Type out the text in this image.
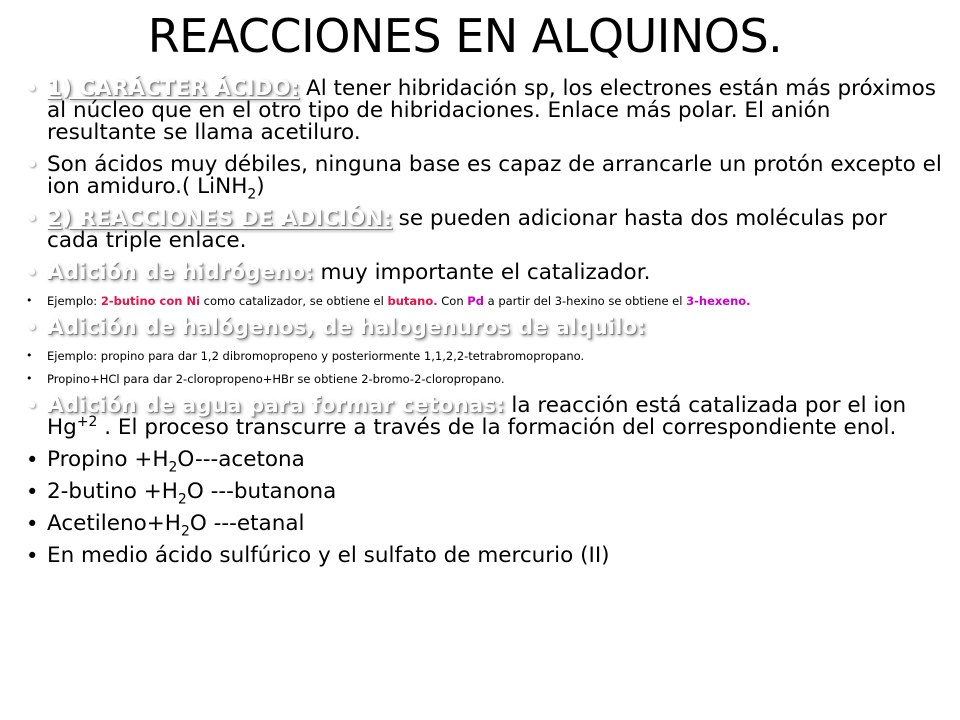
REACCIONES EN ALQUINOS.
• 1) CARÁCTER ÁCIDO: Al tener hibridación sp, los electrones están más próximos al núcleo que en el otro tipo de hibridaciones. Enlace más polar. El anión resultante se llama acetiluro.
• Son ácidos muy débiles, ninguna base es capaz de arrancarle un protón excepto el ion amiduro.( LiNH$_2$)
• 2) REACCIONES DE ADICIÓN: se pueden adicionar hasta dos moléculas por cada triple enlace.
• Adición de hidrógeno: muy importante el catalizador.
• Ejemplo: 2-butino con Ni como catalizador, se obtiene el butano. Con Pd a partir del 3-hexino se obtiene el 3-hexeno.
• Adición de halógenos, de halogenuros de alquilo:
• Ejemplo: propino para dar 1,2 dibromopropeno y posteriormente 1,1,2,2-tetrabromopropano.
• Propino+HCl para dar 2-cloropropeno+HBr se obtiene 2-bromo-2-cloropropano.
• Adición de agua para formar cetonas: la reacción está catalizada por el ion $Hg^{+2}$ . El proceso transcurre a través de la formación del correspondiente enol.
• Propino $+H_2O--$-acetona
• 2-butino $+H_2O$ ---butanona
• $Acetileno+H_2O$ ---etanal
• En medio ácido sulfúrico y el sulfato de mercurio (II)
